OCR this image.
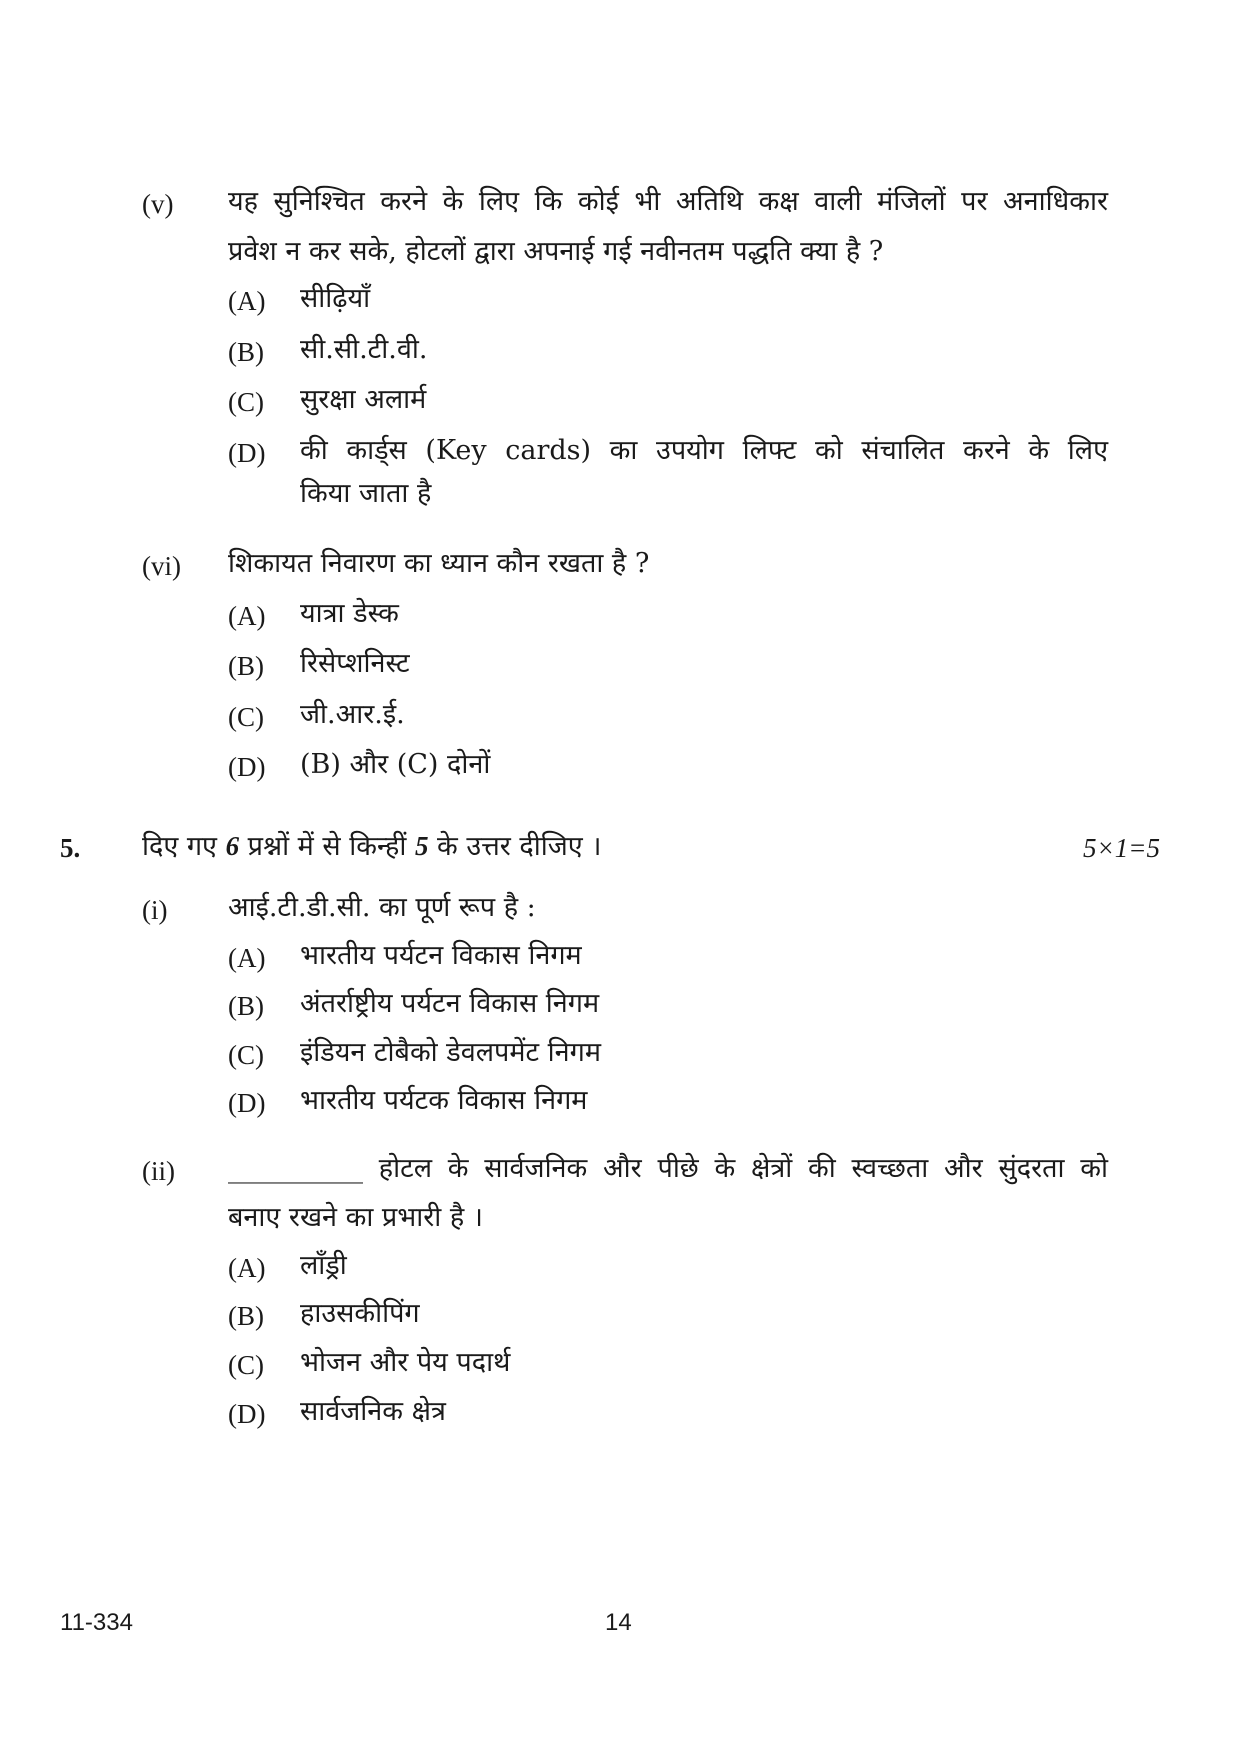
(v) यह सुनिश्चित करने के लिए कि कोई भी अतिथि कक्ष वाली मंजिलों पर अनाधिकार
प्रवेश न कर सके, होटलों द्वारा अपनाई गई नवीनतम पद्धति क्या है ?
(A) सीढ़ियाँ
(B) सी.सी.टी.वी.
(C) सुरक्षा अलार्म
(D) की कार्ड्स (Key cards) का उपयोग लिफ्ट को संचालित करने के लिए
किया जाता है
(vi) शिकायत निवारण का ध्यान कौन रखता है ?
(A) यात्रा डेस्क
(B) रिसेप्शनिस्ट
(C) जी.आर.ई.
(D) (B) और (C) दोनों
5. दिए गए 6 प्रश्नों में से किन्हीं 5 के उत्तर दीजिए ।	5×1=5
(i) आई.टी.डी.सी. का पूर्ण रूप है :
(A) भारतीय पर्यटन विकास निगम
(B) अंतर्राष्ट्रीय पर्यटन विकास निगम
(C) इंडियन टोबैको डेवलपमेंट निगम
(D) भारतीय पर्यटक विकास निगम
(ii) __________ होटल के सार्वजनिक और पीछे के क्षेत्रों की स्वच्छता और सुंदरता को
बनाए रखने का प्रभारी है ।
(A) लाँड्री
(B) हाउसकीपिंग
(C) भोजन और पेय पदार्थ
(D) सार्वजनिक क्षेत्र
11-334	14
